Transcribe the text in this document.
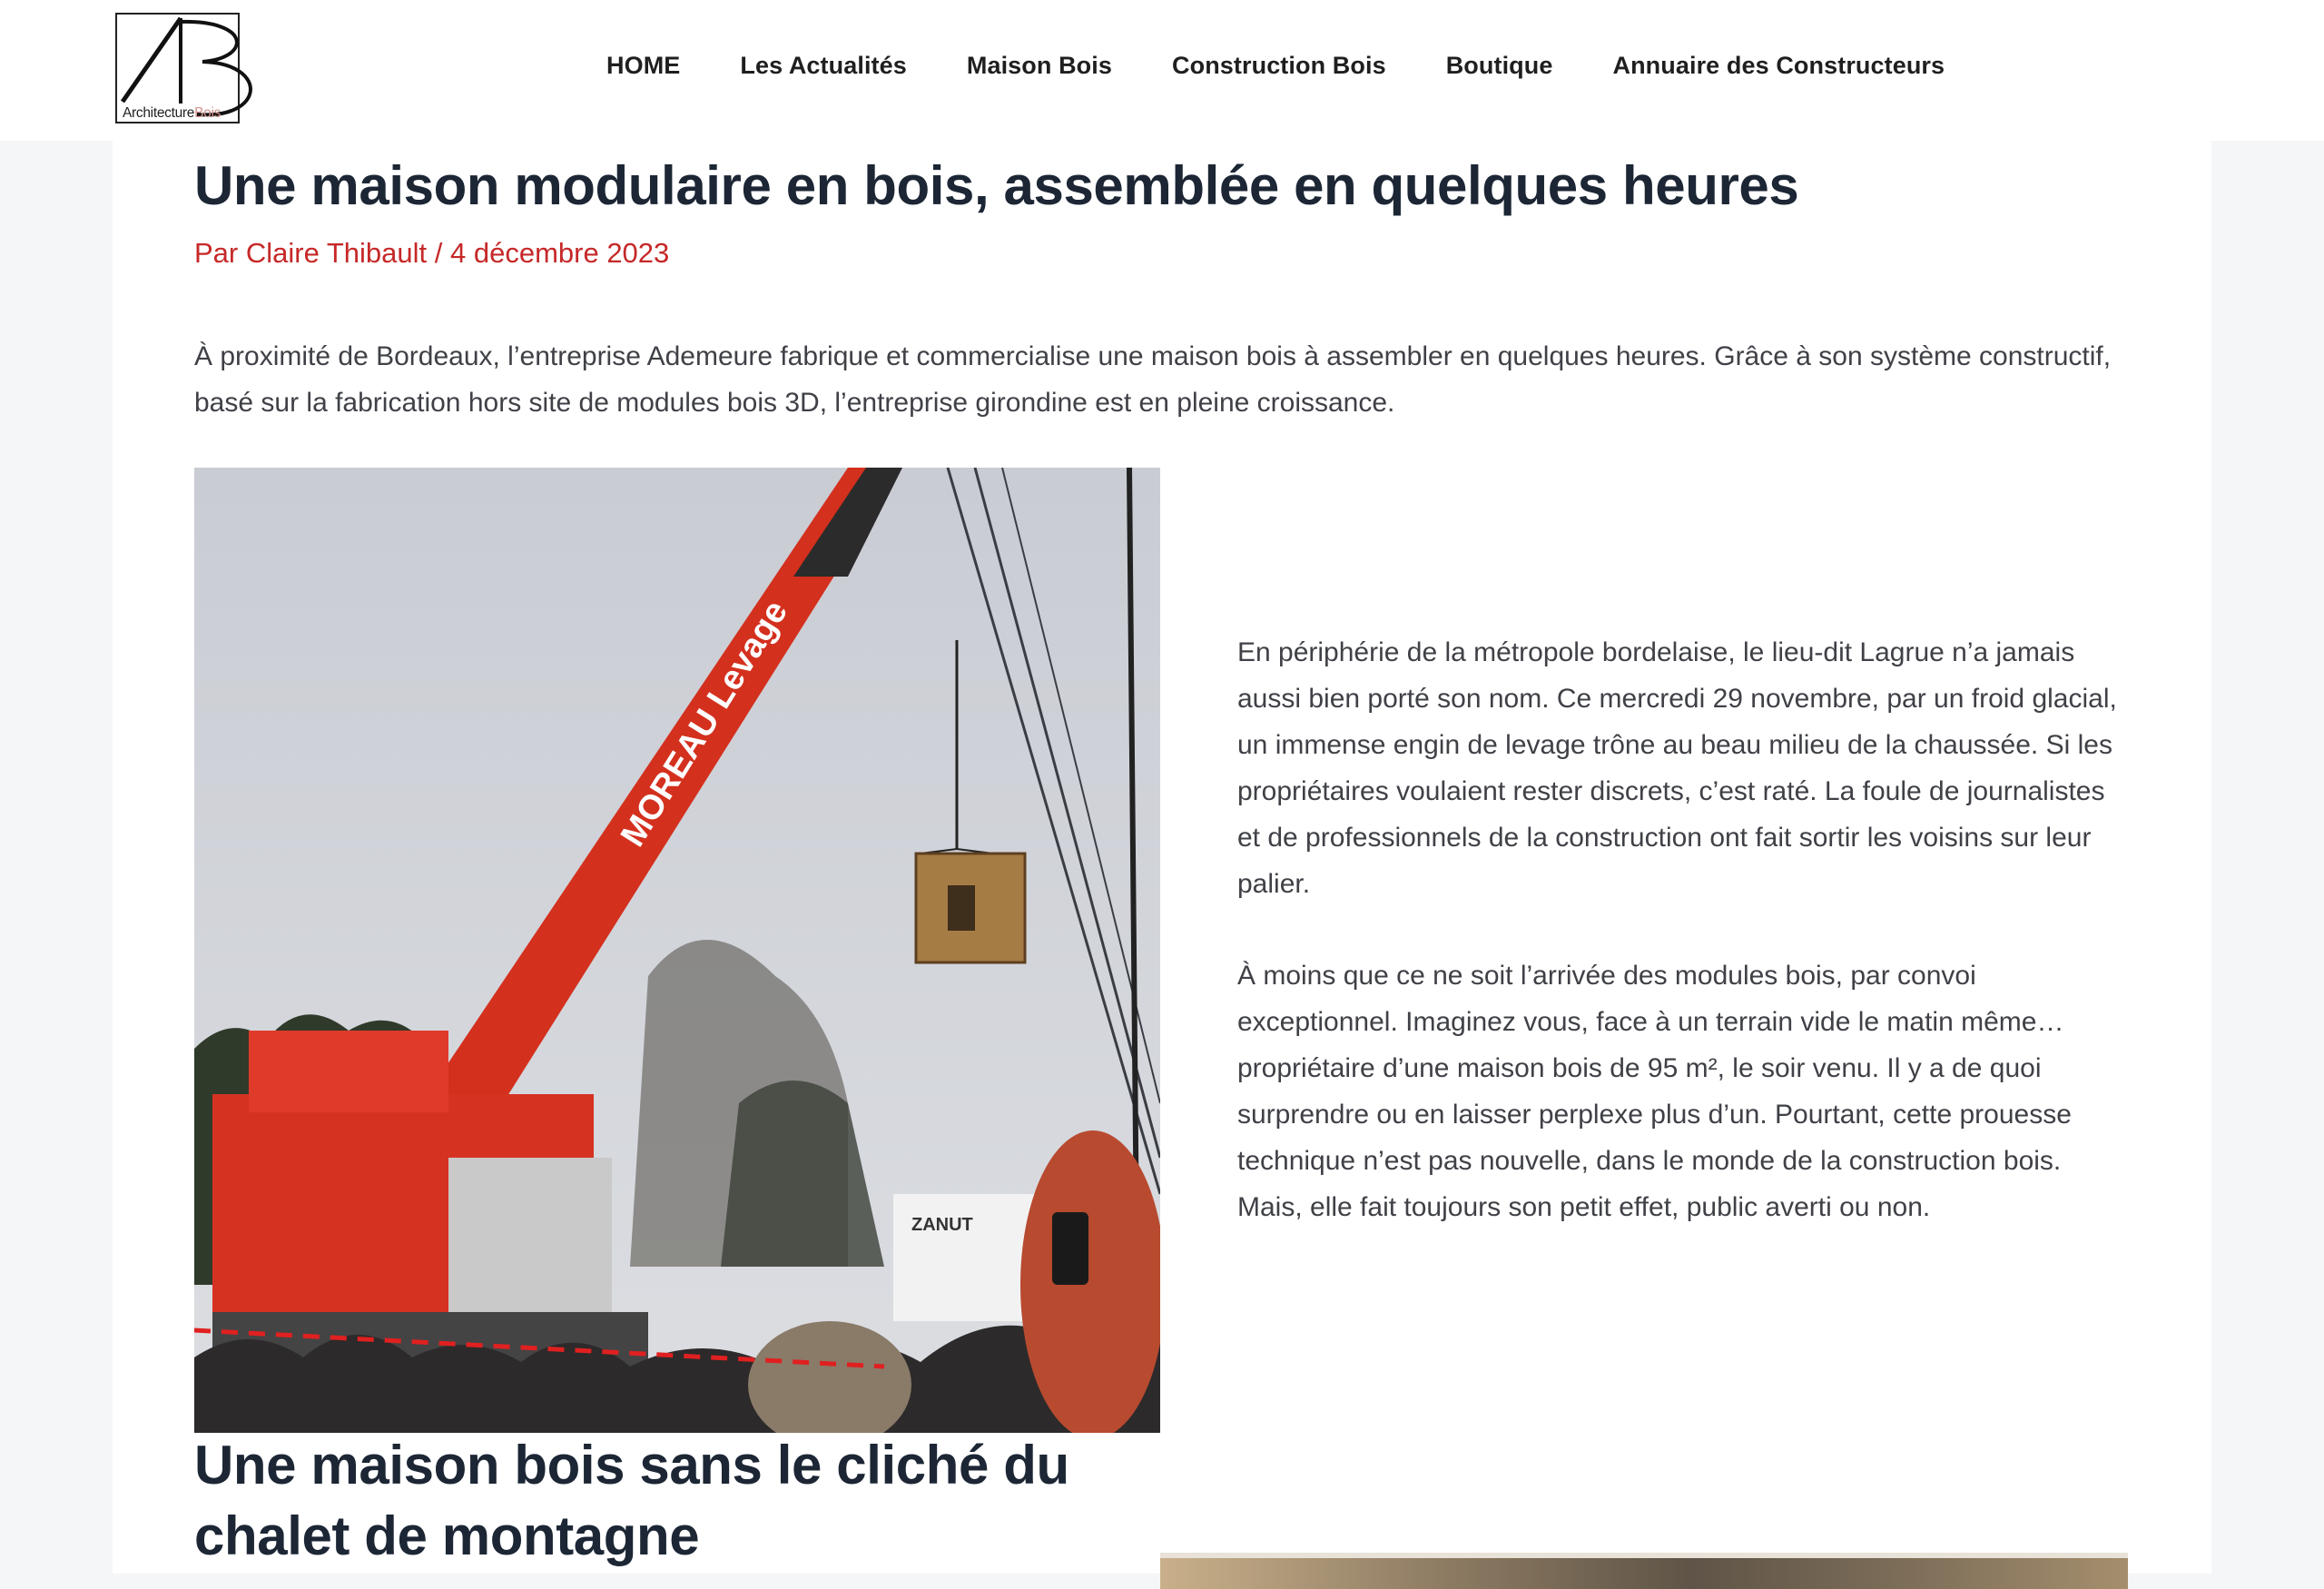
ArchitectureBois
HOME Les Actualités Maison Bois Construction Bois Boutique Annuaire des Constructeurs
Une maison modulaire en bois, assemblée en quelques heures
Par Claire Thibault / 4 décembre 2023

À proximité de Bordeaux, l’entreprise Ademeure fabrique et commercialise une maison bois à assembler en quelques heures. Grâce à son système constructif, basé sur la fabrication hors site de modules bois 3D, l’entreprise girondine est en pleine croissance.

MOREAU Levage
ZANUT

En périphérie de la métropole bordelaise, le lieu-dit Lagrue n’a jamais aussi bien porté son nom. Ce mercredi 29 novembre, par un froid glacial, un immense engin de levage trône au beau milieu de la chaussée. Si les propriétaires voulaient rester discrets, c’est raté. La foule de journalistes et de professionnels de la construction ont fait sortir les voisins sur leur palier.

À moins que ce ne soit l’arrivée des modules bois, par convoi exceptionnel. Imaginez vous, face à un terrain vide le matin même… propriétaire d’une maison bois de 95 m², le soir venu. Il y a de quoi surprendre ou en laisser perplexe plus d’un. Pourtant, cette prouesse technique n’est pas nouvelle, dans le monde de la construction bois. Mais, elle fait toujours son petit effet, public averti ou non.

Une maison bois sans le cliché du chalet de montagne
